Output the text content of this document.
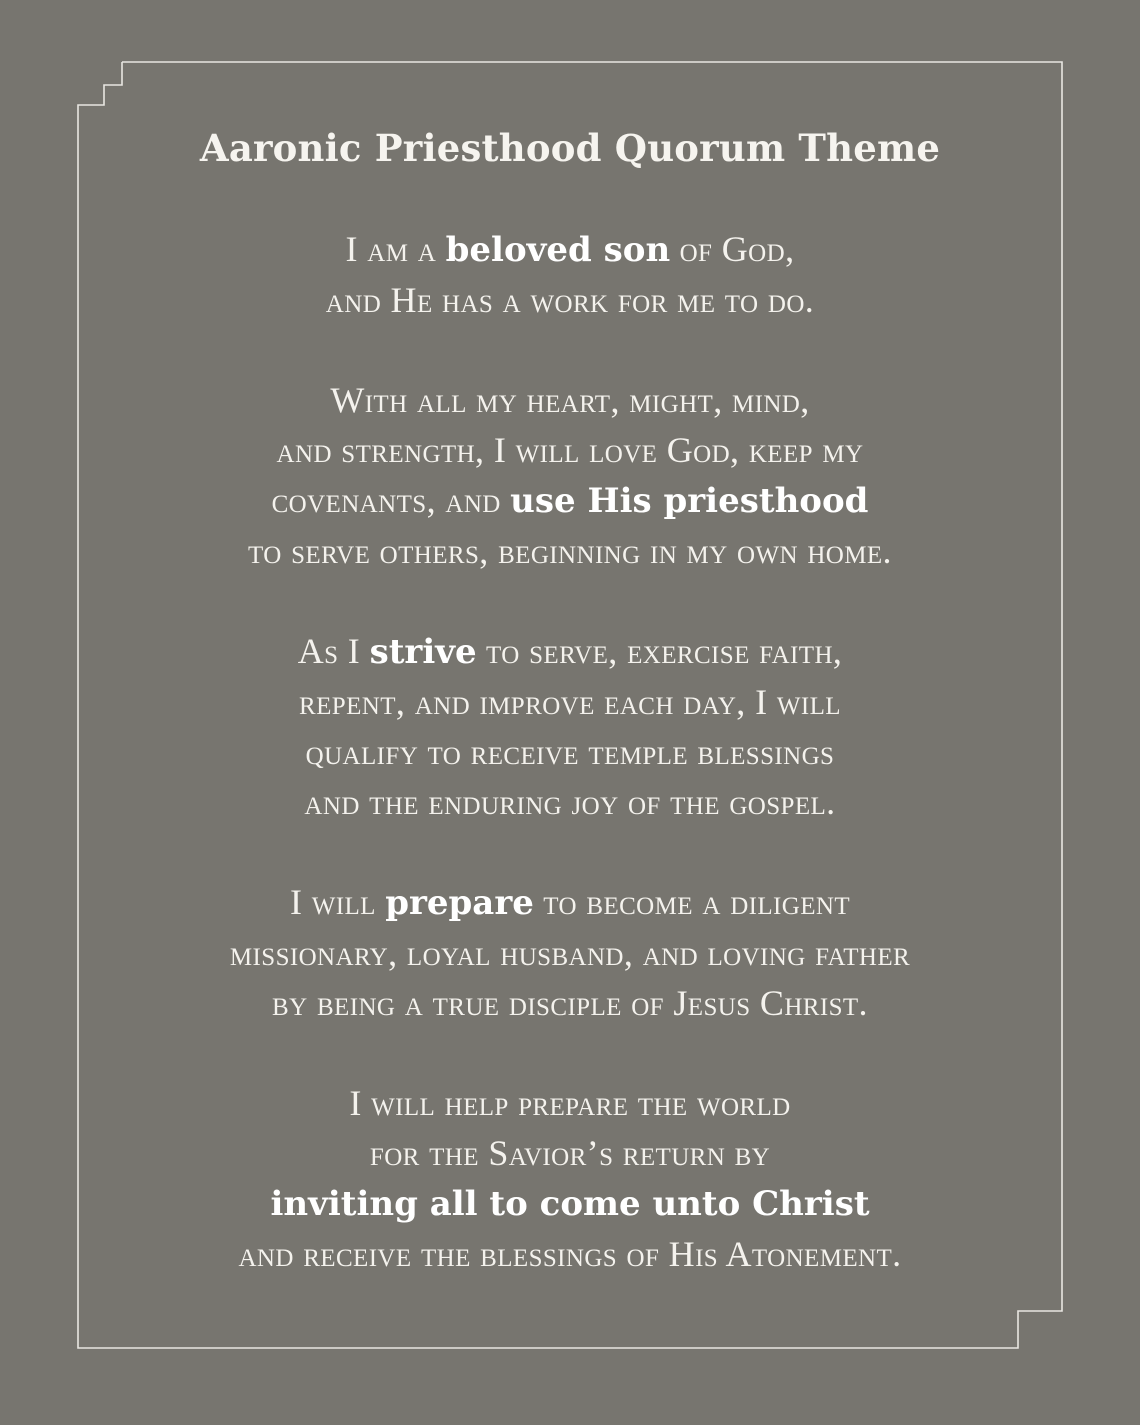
Aaronic Priesthood Quorum Theme
I am a beloved son of God,
and He has a work for me to do.
With all my heart, might, mind,
and strength, I will love God, keep my
covenants, and use His priesthood
to serve others, beginning in my own home.
As I strive to serve, exercise faith,
repent, and improve each day, I will
qualify to receive temple blessings
and the enduring joy of the gospel.
I will prepare to become a diligent
missionary, loyal husband, and loving father
by being a true disciple of Jesus Christ.
I will help prepare the world
for the Savior’s return by
inviting all to come unto Christ
and receive the blessings of His Atonement.
